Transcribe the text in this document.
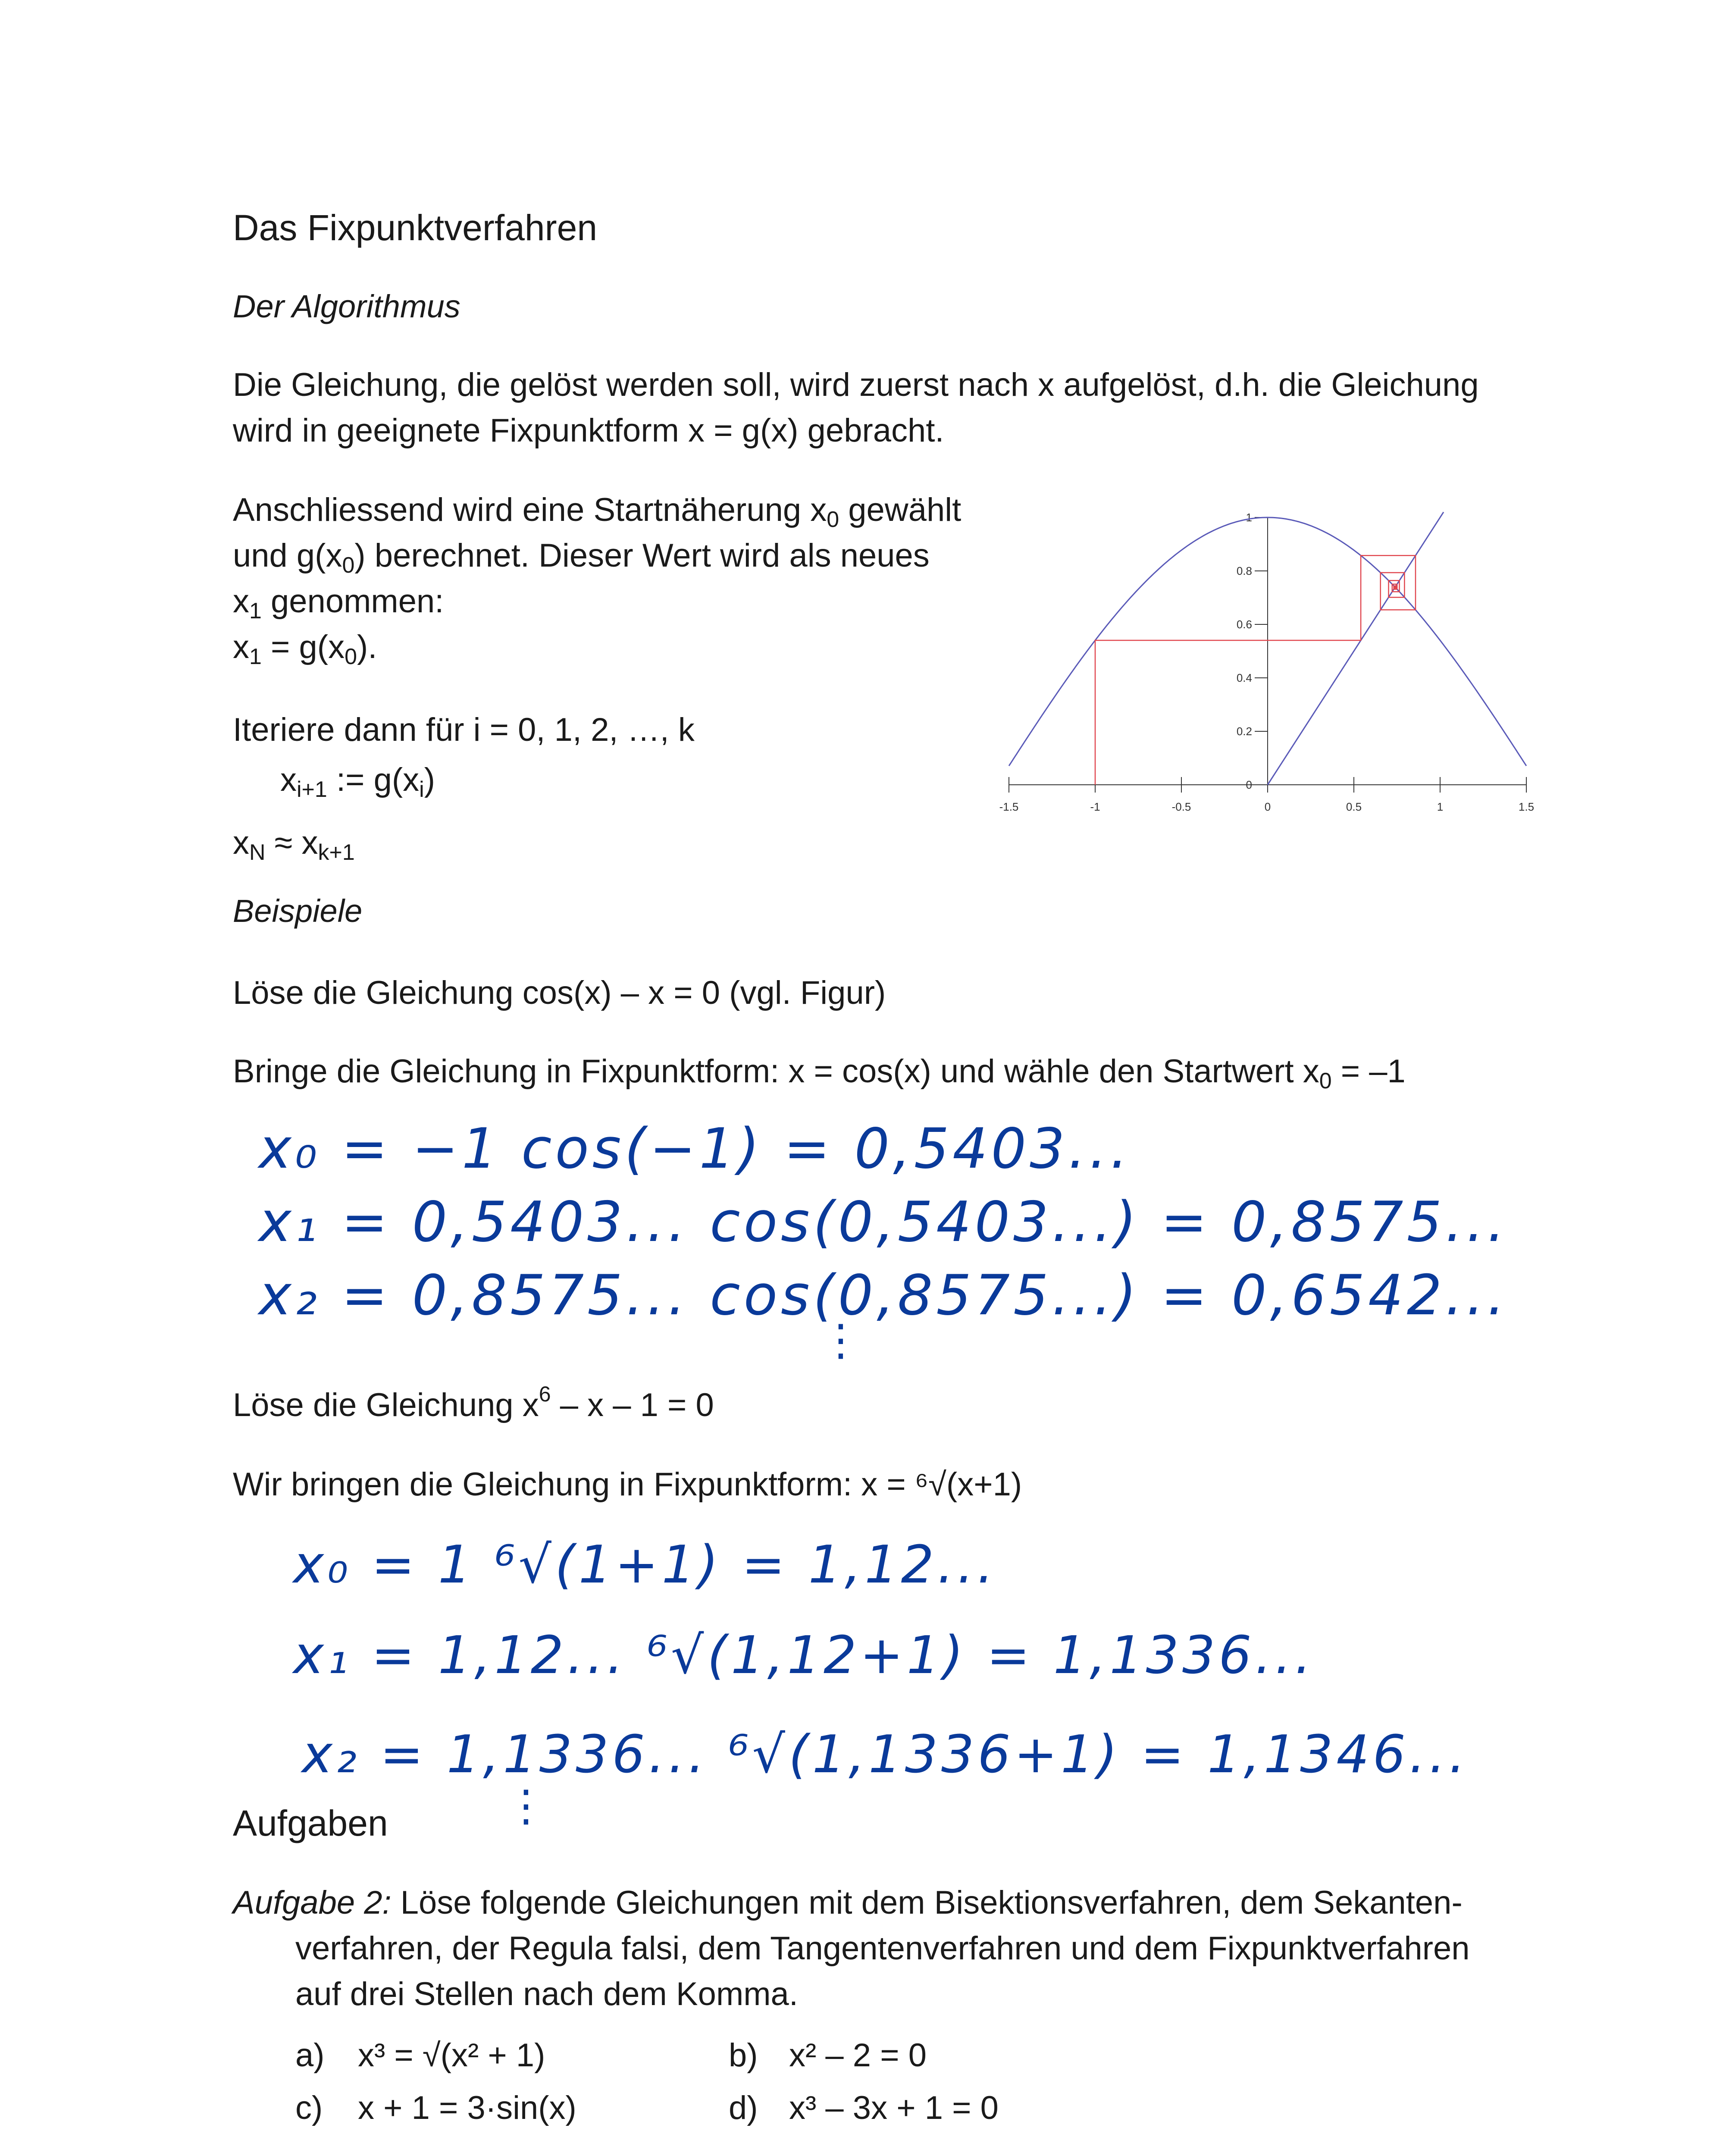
Das Fixpunktverfahren
Der Algorithmus
Die Gleichung, die gelöst werden soll, wird zuerst nach x aufgelöst, d.h. die Gleichung
wird in geeignete Fixpunktform x = g(x) gebracht.
Anschliessend wird eine Startnäherung $x_0$ gewählt
und $g(x_0)$ berechnet. Dieser Wert wird als neues
$x_1$ genommen:
$x_1 = g(x_0)$.
Iteriere dann für i = 0, 1, 2, …, k
$x_{i+1}$ := $g(x_i)$
$x_N \approx x_{k+1}$
-1.5	-1	-0.5	0	0.5	1	1.5
0
0.2
0.4
0.6
0.8
1
Beispiele
Löse die Gleichung cos(x) – x = 0 (vgl. Figur)
Bringe die Gleichung in Fixpunktform: x = cos(x) und wähle den Startwert $x_0 = -1$
x₀ = −1 cos(−1) = 0,5403...
x₁ = 0,5403... cos(0,5403...) = 0,8575...
x₂ = 0,8575... cos(0,8575...) = 0,6542...
⋮
Löse die Gleichung $x^6 - x - 1 = 0$
Wir bringen die Gleichung in Fixpunktform: x = ⁶√(x+1)
x₀ = 1 ⁶√(1+1) = 1,12...
x₁ = 1,12... ⁶√(1,12+1) = 1,1336...
x₂ = 1,1336... ⁶√(1,1336+1) = 1,1346...
⋮
Aufgaben
Aufgabe 2: Löse folgende Gleichungen mit dem Bisektionsverfahren, dem Sekanten-
verfahren, der Regula falsi, dem Tangentenverfahren und dem Fixpunktverfahren
auf drei Stellen nach dem Komma.
a) x³ = √(x² + 1)	b) x² – 2 = 0
c) x + 1 = 3·sin(x)	d) x³ – 3x + 1 = 0
